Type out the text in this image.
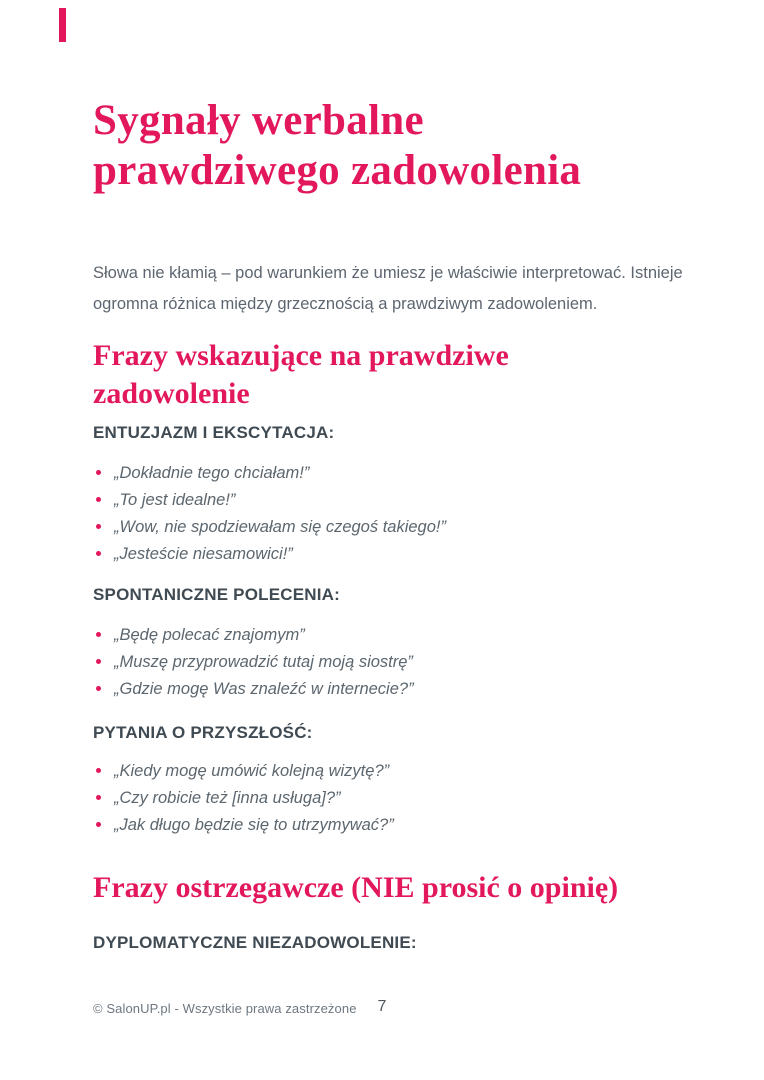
Sygnały werbalne
prawdziwego zadowolenia
Słowa nie kłamią – pod warunkiem że umiesz je właściwie interpretować. Istnieje
ogromna różnica między grzecznością a prawdziwym zadowoleniem.
Frazy wskazujące na prawdziwe
zadowolenie
ENTUZJAZM I EKSCYTACJA:
„Dokładnie tego chciałam!”
„To jest idealne!”
„Wow, nie spodziewałam się czegoś takiego!”
„Jesteście niesamowici!”
SPONTANICZNE POLECENIA:
„Będę polecać znajomym”
„Muszę przyprowadzić tutaj moją siostrę”
„Gdzie mogę Was znaleźć w internecie?”
PYTANIA O PRZYSZŁOŚĆ:
„Kiedy mogę umówić kolejną wizytę?”
„Czy robicie też [inna usługa]?”
„Jak długo będzie się to utrzymywać?”
Frazy ostrzegawcze (NIE prosić o opinię)
DYPLOMATYCZNE NIEZADOWOLENIE:
© SalonUP.pl - Wszystkie prawa zastrzeżone	7
